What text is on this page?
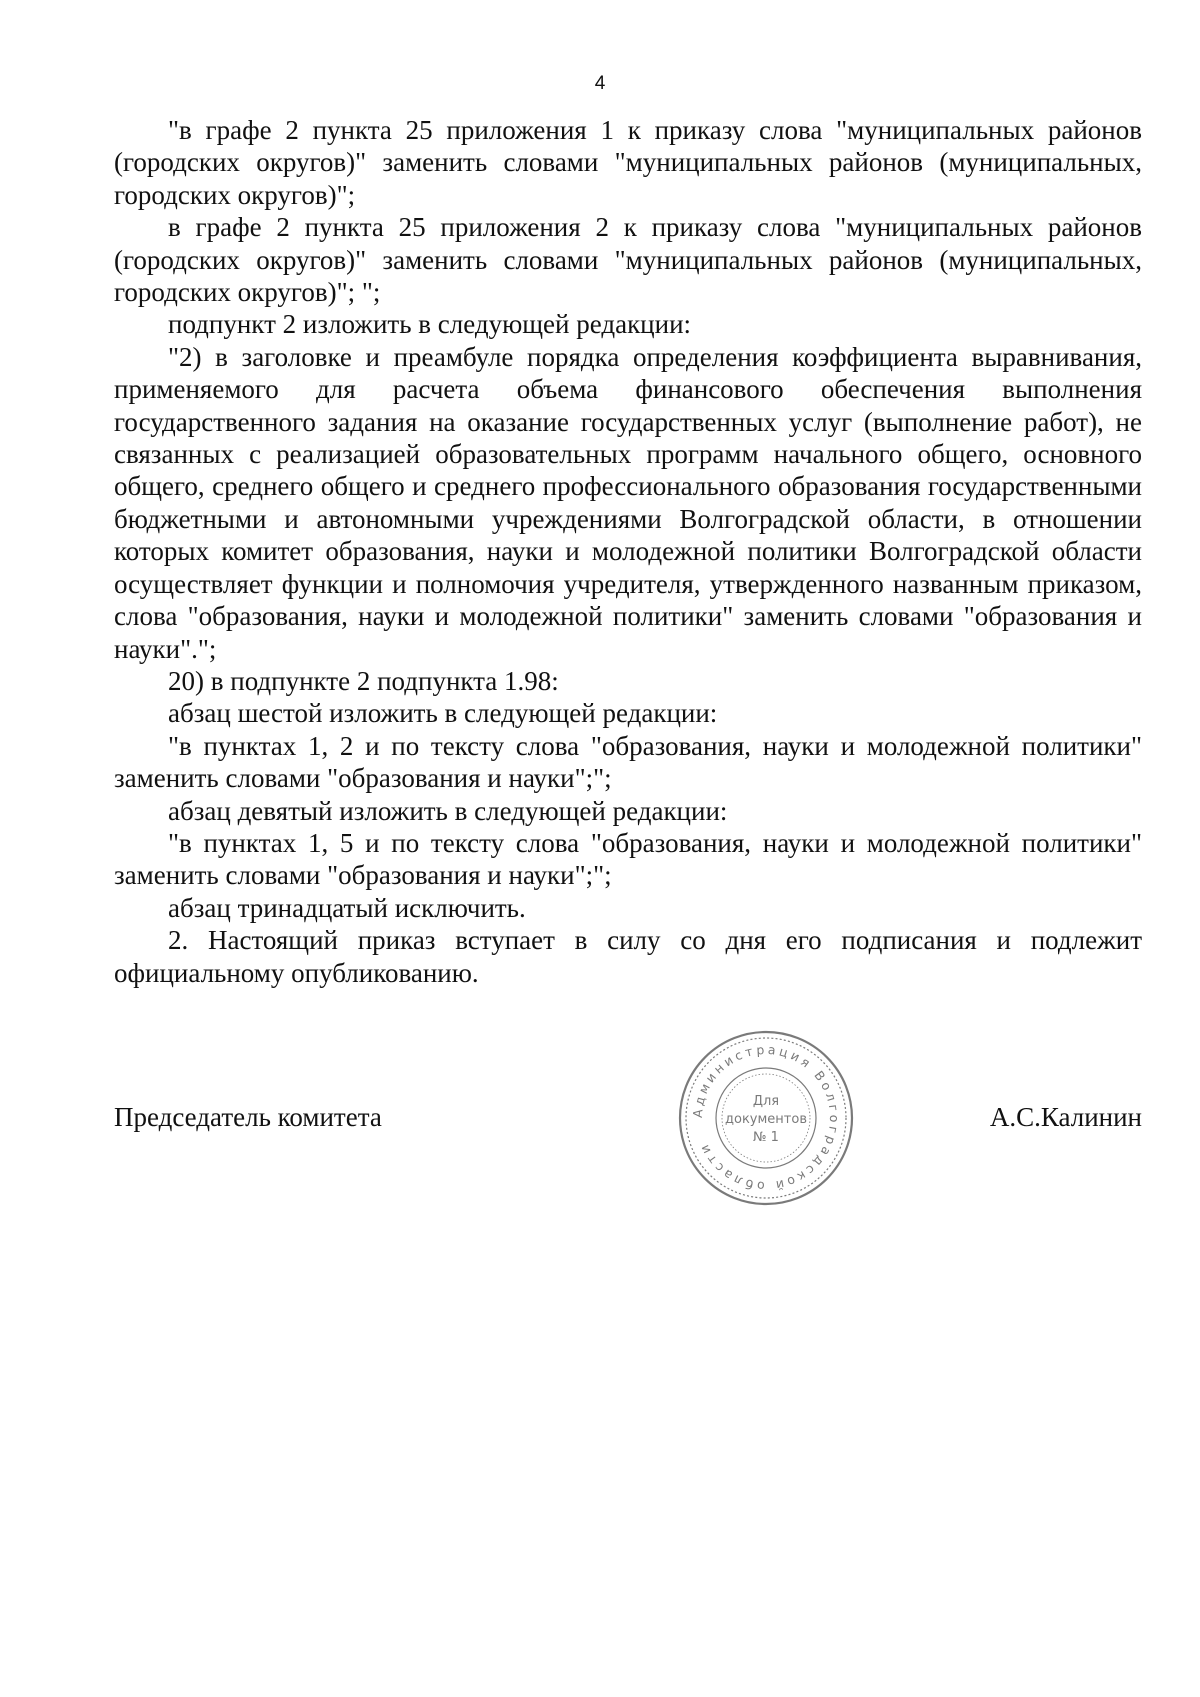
4

"в графе 2 пункта 25 приложения 1 к приказу слова "муниципальных районов (городских округов)" заменить словами "муниципальных районов (муниципальных, городских округов)";

в графе 2 пункта 25 приложения 2 к приказу слова "муниципальных районов (городских округов)" заменить словами "муниципальных районов (муниципальных, городских округов)"; ";

подпункт 2 изложить в следующей редакции:

"2) в заголовке и преамбуле порядка определения коэффициента выравнивания, применяемого для расчета объема финансового обеспечения выполнения государственного задания на оказание государственных услуг (выполнение работ), не связанных с реализацией образовательных программ начального общего, основного общего, среднего общего и среднего профессионального образования государственными бюджетными и автономными учреждениями Волгоградской области, в отношении которых комитет образования, науки и молодежной политики Волгоградской области осуществляет функции и полномочия учредителя, утвержденного названным приказом, слова "образования, науки и молодежной политики" заменить словами "образования и науки".";

20) в подпункте 2 подпункта 1.98:

абзац шестой изложить в следующей редакции:

"в пунктах 1, 2 и по тексту слова "образования, науки и молодежной политики" заменить словами "образования и науки";";

абзац девятый изложить в следующей редакции:

"в пунктах 1, 5 и по тексту слова "образования, науки и молодежной политики" заменить словами "образования и науки";";

абзац тринадцатый исключить.

2. Настоящий приказ вступает в силу со дня его подписания и подлежит официальному опубликованию.

Председатель комитета	Администрация Волгоградской области
Для
документов
№ 1
А.С.Калинин
